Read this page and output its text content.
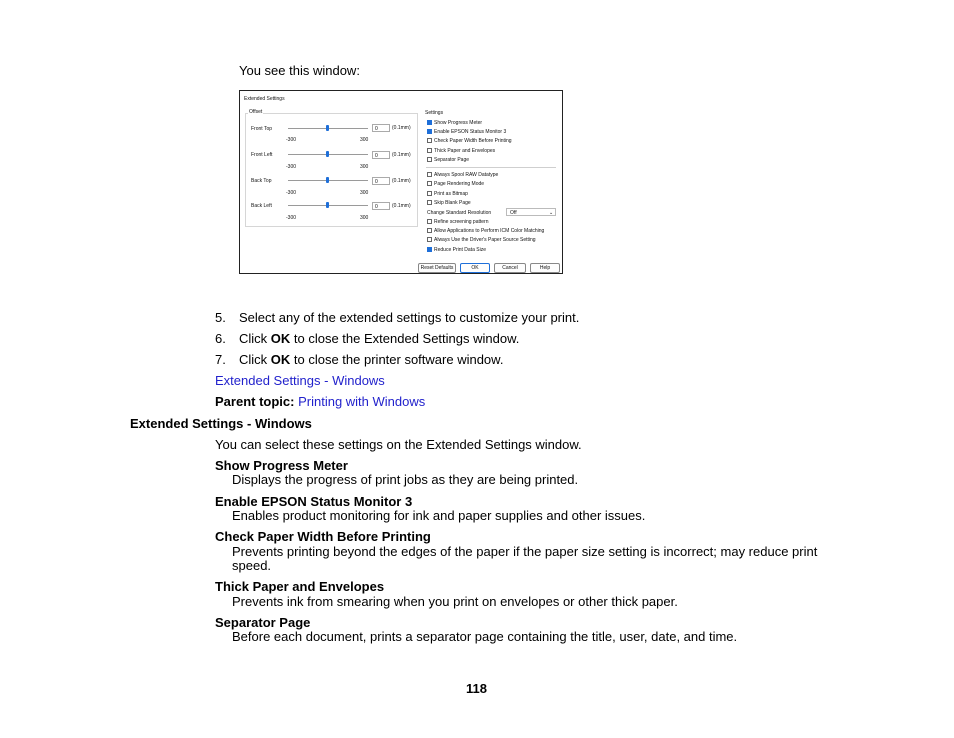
You see this window:
Extended Settings
Offset
Front Top	0	(0.1mm)
-300	300
Front Left	0	(0.1mm)
-300	300
Back Top	0	(0.1mm)
-300	300
Back Left	0	(0.1mm)
-300	300
Settings
Show Progress Meter
Enable EPSON Status Monitor 3
Check Paper Width Before Printing
Thick Paper and Envelopes
Separator Page
Always Spool RAW Datatype
Page Rendering Mode
Print as Bitmap
Skip Blank Page
Change Standard Resolution	Off	⌄
Refine screening pattern
Allow Applications to Perform ICM Color Matching
Always Use the Driver's Paper Source Setting
Reduce Print Data Size
Reset Defaults	OK	Cancel	Help
5. Select any of the extended settings to customize your print.
6. Click OK to close the Extended Settings window.
7. Click OK to close the printer software window.
Extended Settings - Windows
Parent topic: Printing with Windows
Extended Settings - Windows
You can select these settings on the Extended Settings window.
Show Progress Meter
Displays the progress of print jobs as they are being printed.
Enable EPSON Status Monitor 3
Enables product monitoring for ink and paper supplies and other issues.
Check Paper Width Before Printing
Prevents printing beyond the edges of the paper if the paper size setting is incorrect; may reduce print
speed.
Thick Paper and Envelopes
Prevents ink from smearing when you print on envelopes or other thick paper.
Separator Page
Before each document, prints a separator page containing the title, user, date, and time.
118
